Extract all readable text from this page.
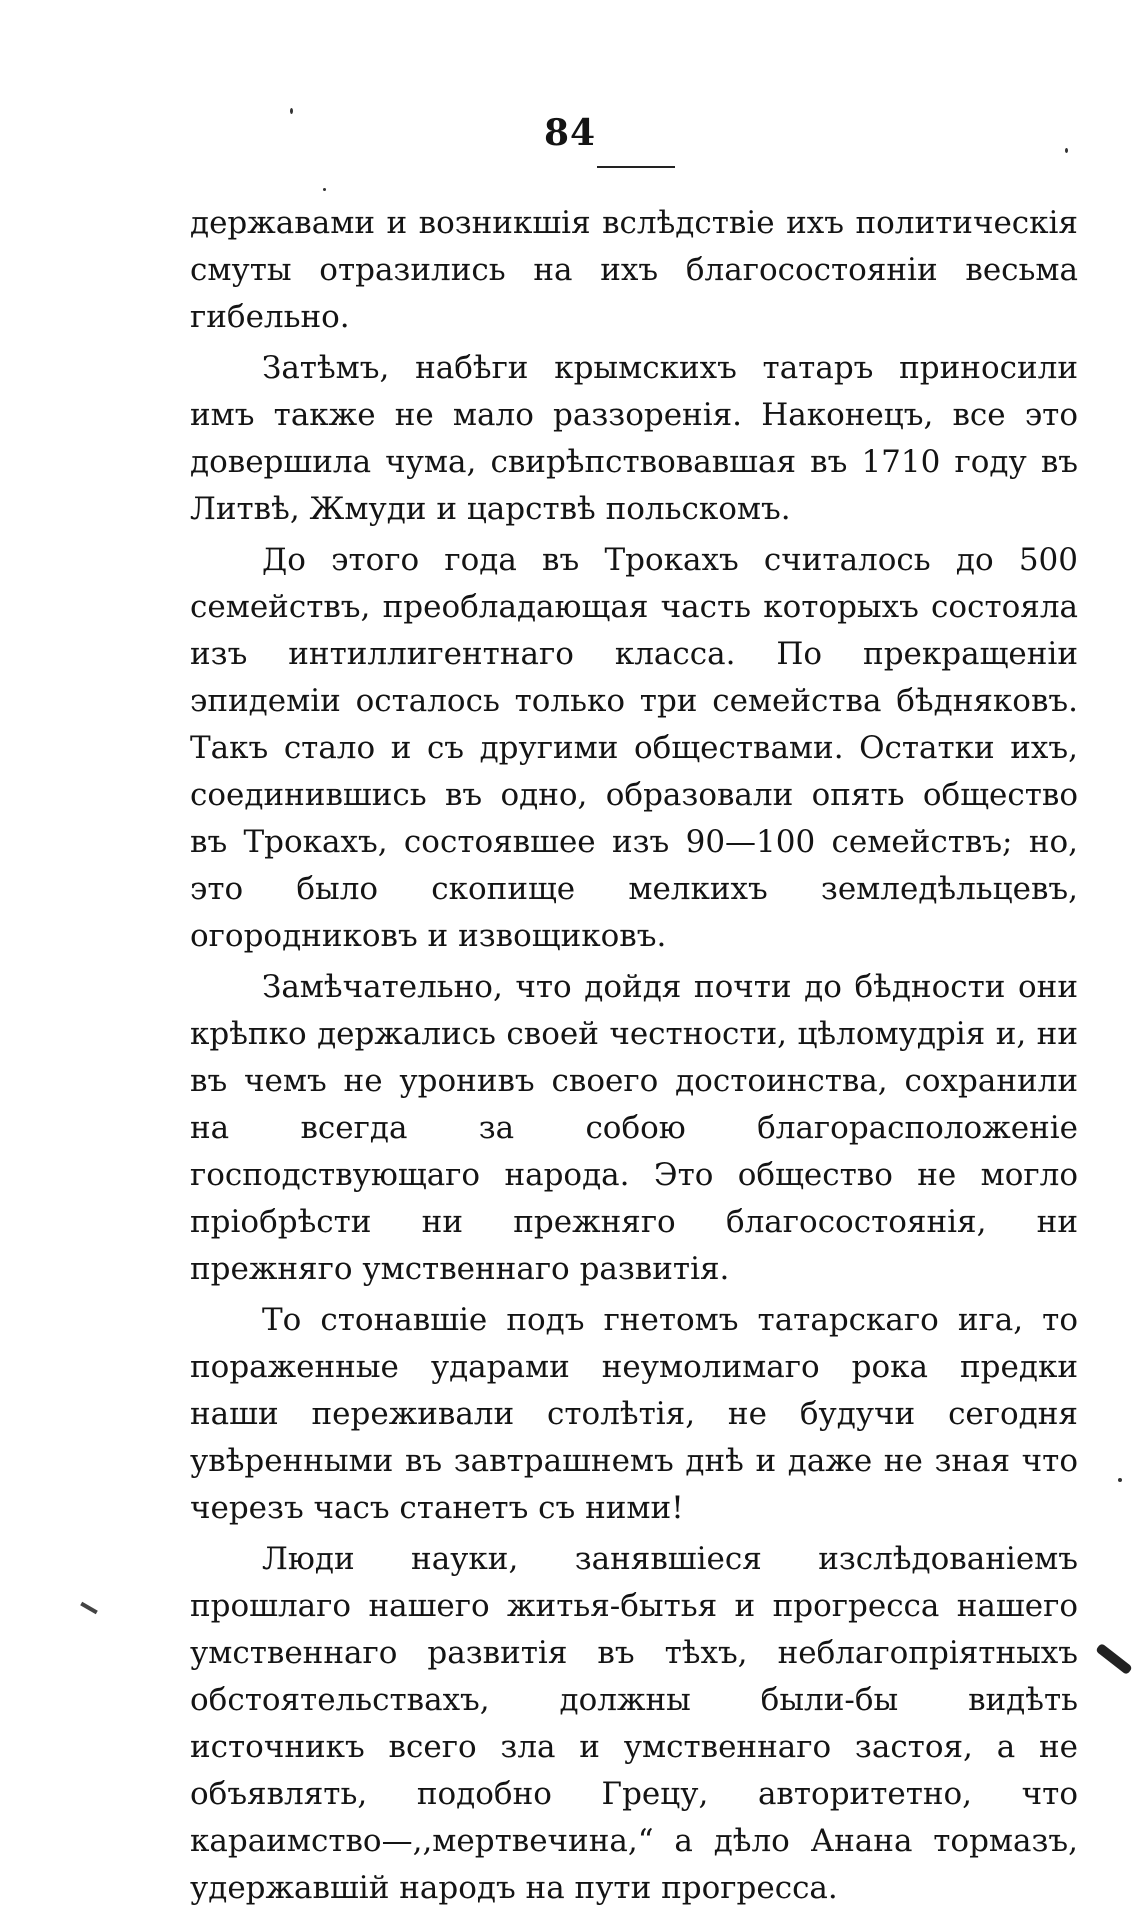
84

державами и возникшія вслѣдствіе ихъ политическія смуты отразились на ихъ благосостояніи весьма гибельно.

Затѣмъ, набѣги крымскихъ татаръ приносили имъ также не мало раззоренія. Наконецъ, все это довершила чума, свирѣпствовавшая въ 1710 году въ Литвѣ, Жмуди и царствѣ польскомъ.

До этого года въ Трокахъ считалось до 500 семействъ, преобладающая часть которыхъ состояла изъ интиллигентнаго класса. По прекращеніи эпидеміи осталось только три семейства бѣдняковъ. Такъ стало и съ другими обществами. Остатки ихъ, соединившись въ одно, образовали опять общество въ Трокахъ, состоявшее изъ 90—100 семействъ; но, это было скопище мелкихъ земледѣльцевъ, огородниковъ и извощиковъ.

Замѣчательно, что дойдя почти до бѣдности они крѣпко держались своей честности, цѣломудрія и, ни въ чемъ не уронивъ своего достоинства, сохранили на всегда за собою благорасположеніе господствующаго народа. Это общество не могло пріобрѣсти ни прежняго благосостоянія, ни прежняго умственнаго развитія.

То стонавшіе подъ гнетомъ татарскаго ига, то пораженные ударами неумолимаго рока предки наши переживали столѣтія, не будучи сегодня увѣренными въ завтрашнемъ днѣ и даже не зная что черезъ часъ станетъ съ ними!

Люди науки, занявшіеся изслѣдованіемъ прошлаго нашего житья-бытья и прогресса нашего умственнаго развитія въ тѣхъ, неблагопріятныхъ обстоятельствахъ, должны были-бы видѣть источникъ всего зла и умственнаго застоя, а не объявлять, подобно Грецу, авторитетно, что караимство—,,мертвечина,“ а дѣло Анана тормазъ, удержавшій народъ на пути прогресса.
